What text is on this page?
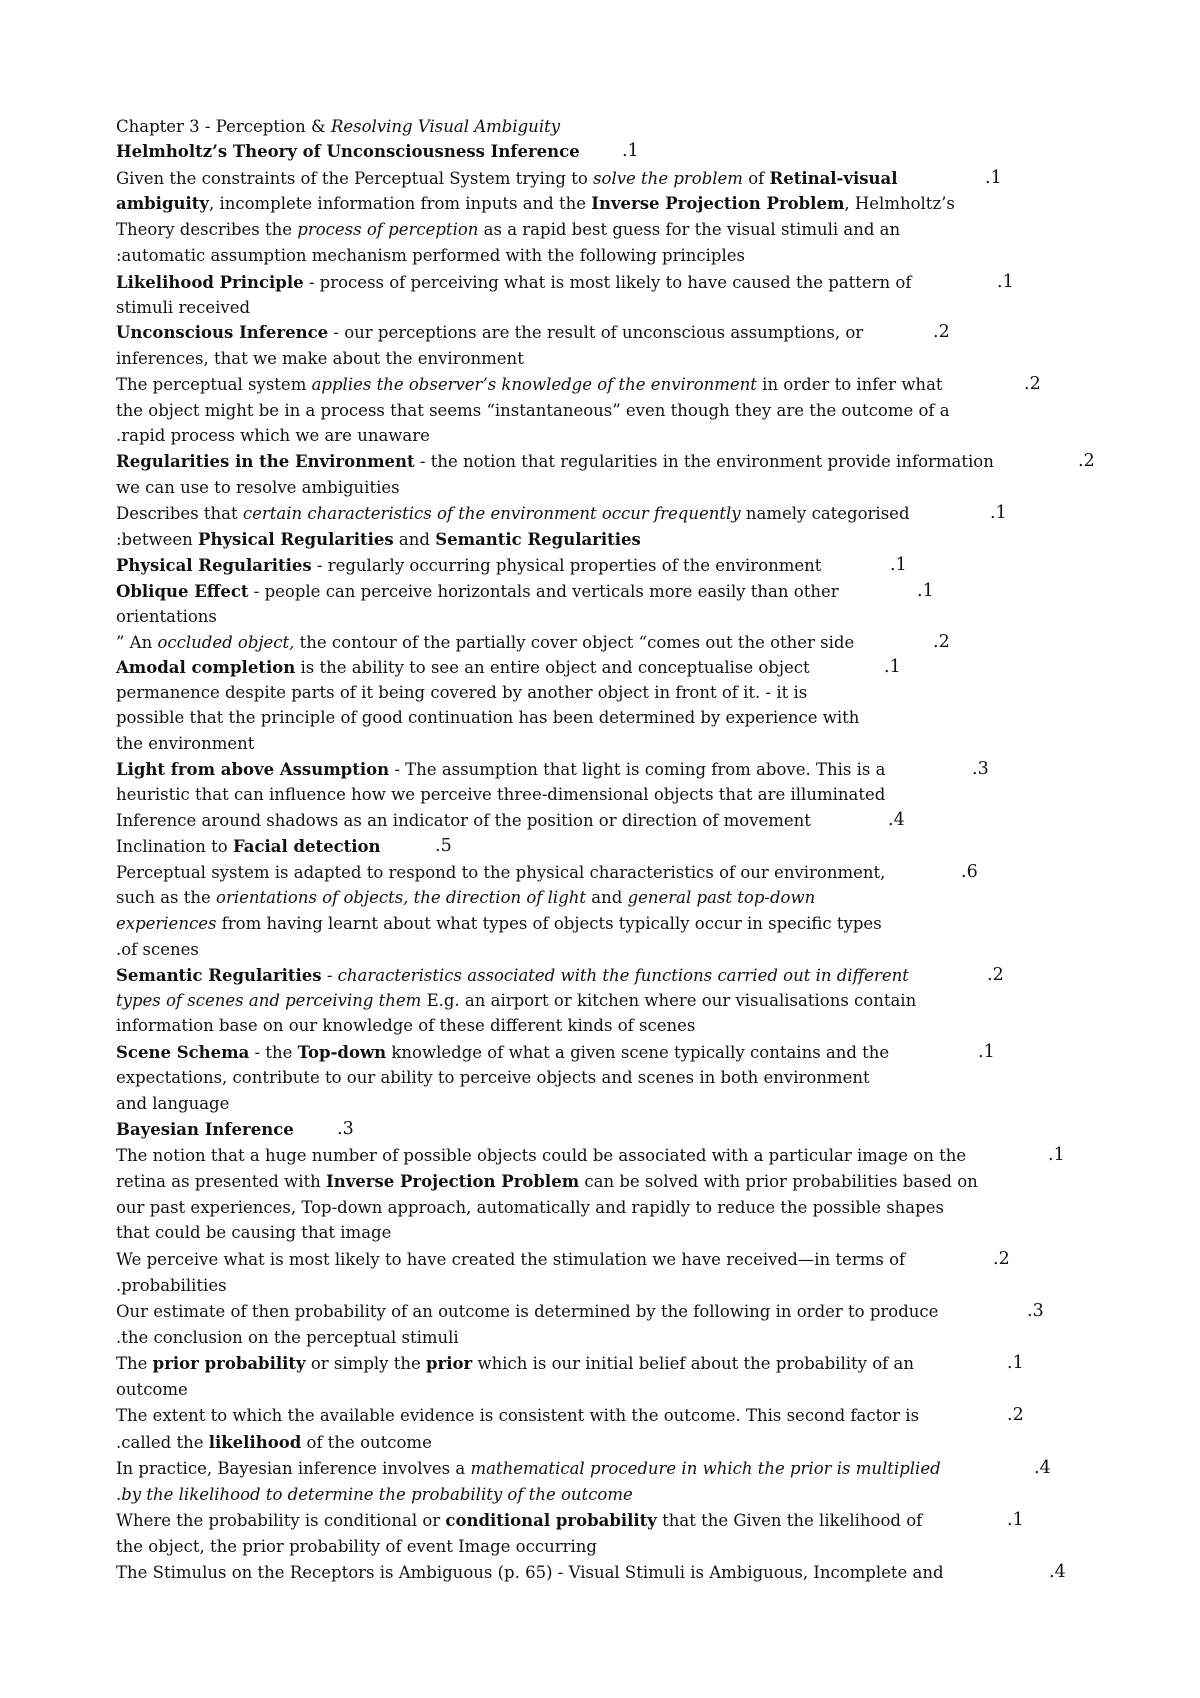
Chapter 3 - Perception & Resolving Visual Ambiguity
Helmholtz’s Theory of Unconsciousness Inference .1
Given the constraints of the Perceptual System trying to solve the problem of Retinal-visual	.1
ambiguity, incomplete information from inputs and the Inverse Projection Problem, Helmholtz’s
Theory describes the process of perception as a rapid best guess for the visual stimuli and an
:automatic assumption mechanism performed with the following principles
Likelihood Principle - process of perceiving what is most likely to have caused the pattern of	.1
stimuli received
Unconscious Inference - our perceptions are the result of unconscious assumptions, or	.2
inferences, that we make about the environment
The perceptual system applies the observer’s knowledge of the environment in order to infer what	.2
the object might be in a process that seems “instantaneous” even though they are the outcome of a
.rapid process which we are unaware
Regularities in the Environment - the notion that regularities in the environment provide information	.2
we can use to resolve ambiguities
Describes that certain characteristics of the environment occur frequently namely categorised	.1
:between Physical Regularities and Semantic Regularities
Physical Regularities - regularly occurring physical properties of the environment	.1
Oblique Effect - people can perceive horizontals and verticals more easily than other	.1
orientations
” An occluded object, the contour of the partially cover object “comes out the other side	.2
Amodal completion is the ability to see an entire object and conceptualise object	.1
permanence despite parts of it being covered by another object in front of it. - it is
possible that the principle of good continuation has been determined by experience with
the environment
Light from above Assumption - The assumption that light is coming from above. This is a	.3
heuristic that can influence how we perceive three-dimensional objects that are illuminated
Inference around shadows as an indicator of the position or direction of movement	.4
Inclination to Facial detection	.5
Perceptual system is adapted to respond to the physical characteristics of our environment,	.6
such as the orientations of objects, the direction of light and general past top-down
experiences from having learnt about what types of objects typically occur in specific types
.of scenes
Semantic Regularities - characteristics associated with the functions carried out in different	.2
types of scenes and perceiving them E.g. an airport or kitchen where our visualisations contain
information base on our knowledge of these different kinds of scenes
Scene Schema - the Top-down knowledge of what a given scene typically contains and the	.1
expectations, contribute to our ability to perceive objects and scenes in both environment
and language
Bayesian Inference .3
The notion that a huge number of possible objects could be associated with a particular image on the	.1
retina as presented with Inverse Projection Problem can be solved with prior probabilities based on
our past experiences, Top-down approach, automatically and rapidly to reduce the possible shapes
that could be causing that image
We perceive what is most likely to have created the stimulation we have received—in terms of	.2
.probabilities
Our estimate of then probability of an outcome is determined by the following in order to produce	.3
.the conclusion on the perceptual stimuli
The prior probability or simply the prior which is our initial belief about the probability of an	.1
outcome
The extent to which the available evidence is consistent with the outcome. This second factor is	.2
.called the likelihood of the outcome
In practice, Bayesian inference involves a mathematical procedure in which the prior is multiplied	.4
.by the likelihood to determine the probability of the outcome
Where the probability is conditional or conditional probability that the Given the likelihood of	.1
the object, the prior probability of event Image occurring
The Stimulus on the Receptors is Ambiguous (p. 65) - Visual Stimuli is Ambiguous, Incomplete and	.4
